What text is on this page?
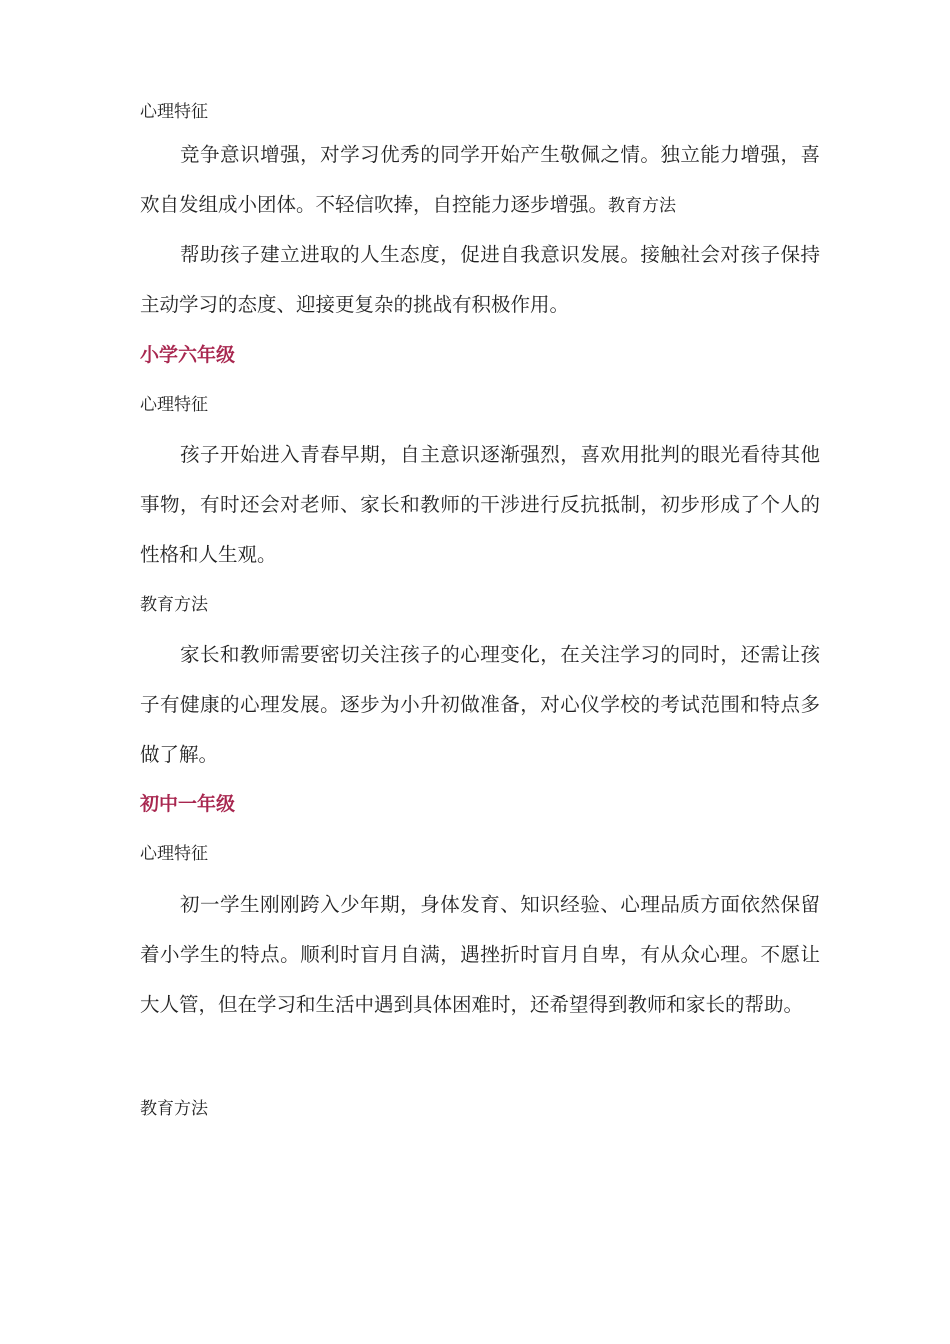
心理特征
竞争意识增强，对学习优秀的同学开始产生敬佩之情。独立能力增强，喜欢自发组成小团体。不轻信吹捧，自控能力逐步增强。教育方法
帮助孩子建立进取的人生态度，促进自我意识发展。接触社会对孩子保持主动学习的态度、迎接更复杂的挑战有积极作用。
小学六年级
心理特征
孩子开始进入青春早期，自主意识逐渐强烈，喜欢用批判的眼光看待其他事物，有时还会对老师、家长和教师的干涉进行反抗抵制，初步形成了个人的性格和人生观。
教育方法
家长和教师需要密切关注孩子的心理变化，在关注学习的同时，还需让孩子有健康的心理发展。逐步为小升初做准备，对心仪学校的考试范围和特点多做了解。
初中一年级
心理特征
初一学生刚刚跨入少年期，身体发育、知识经验、心理品质方面依然保留着小学生的特点。顺利时盲月自满，遇挫折时盲月自卑，有从众心理。不愿让大人管，但在学习和生活中遇到具体困难时，还希望得到教师和家长的帮助。
教育方法
